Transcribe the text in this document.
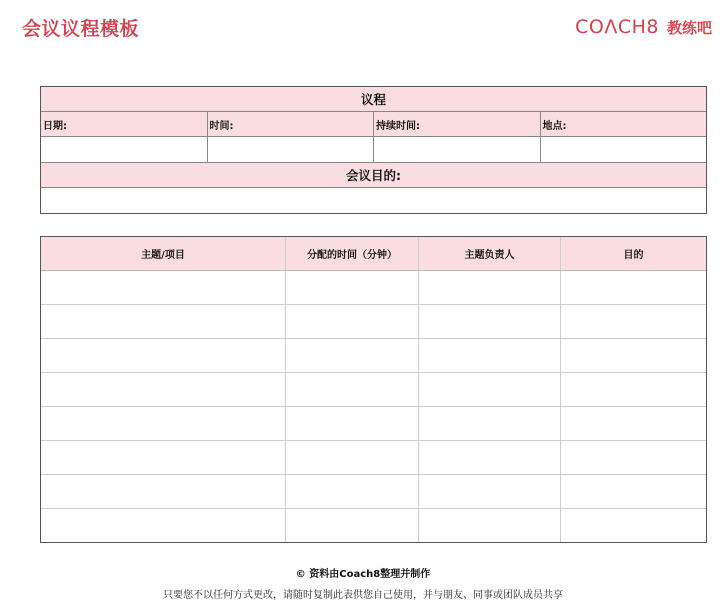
会议议程模板	COΛCH8 教练吧
议程
日期:	时间:	持续时间:	地点:
会议目的:
主题/项目	分配的时间（分钟）	主题负责人	目的
© 资料由Coach8整理并制作
只要您不以任何方式更改，请随时复制此表供您自己使用，并与朋友、同事或团队成员共享
